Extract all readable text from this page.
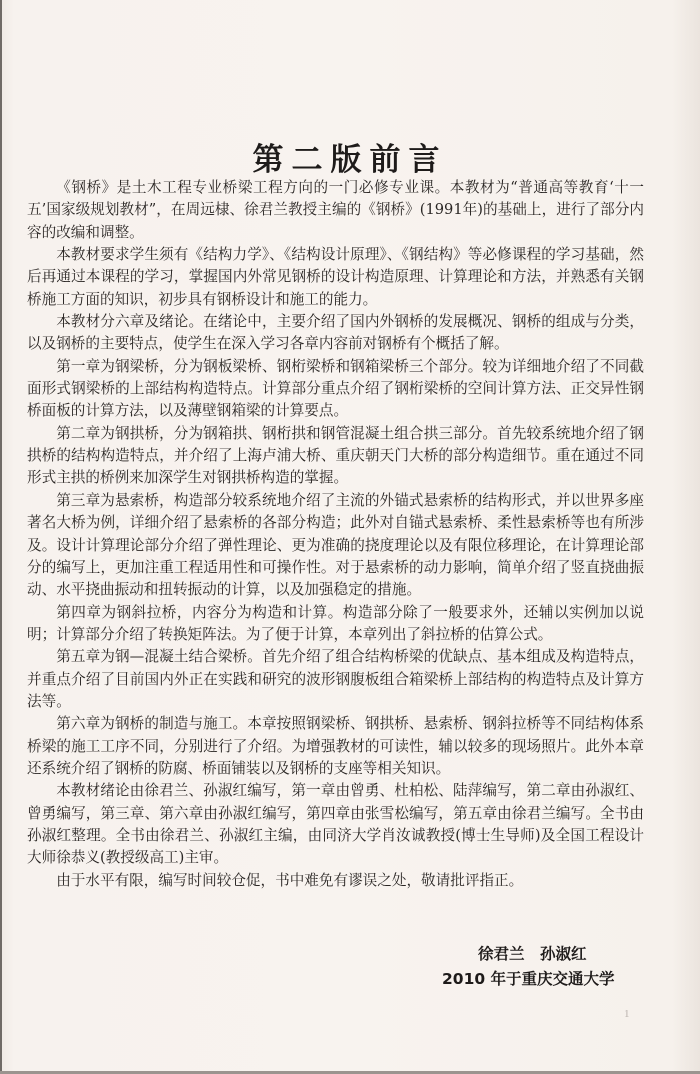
第二版前言

《钢桥》是土木工程专业桥梁工程方向的一门必修专业课。本教材为“普通高等教育‘十一五’国家级规划教材”，在周远棣、徐君兰教授主编的《钢桥》(1991年)的基础上，进行了部分内容的改编和调整。

本教材要求学生须有《结构力学》、《结构设计原理》、《钢结构》等必修课程的学习基础，然后再通过本课程的学习，掌握国内外常见钢桥的设计构造原理、计算理论和方法，并熟悉有关钢桥施工方面的知识，初步具有钢桥设计和施工的能力。

本教材分六章及绪论。在绪论中，主要介绍了国内外钢桥的发展概况、钢桥的组成与分类，以及钢桥的主要特点，使学生在深入学习各章内容前对钢桥有个概括了解。

第一章为钢梁桥，分为钢板梁桥、钢桁梁桥和钢箱梁桥三个部分。较为详细地介绍了不同截面形式钢梁桥的上部结构构造特点。计算部分重点介绍了钢桁梁桥的空间计算方法、正交异性钢桥面板的计算方法，以及薄壁钢箱梁的计算要点。

第二章为钢拱桥，分为钢箱拱、钢桁拱和钢管混凝土组合拱三部分。首先较系统地介绍了钢拱桥的结构构造特点，并介绍了上海卢浦大桥、重庆朝天门大桥的部分构造细节。重在通过不同形式主拱的桥例来加深学生对钢拱桥构造的掌握。

第三章为悬索桥，构造部分较系统地介绍了主流的外锚式悬索桥的结构形式，并以世界多座著名大桥为例，详细介绍了悬索桥的各部分构造；此外对自锚式悬索桥、柔性悬索桥等也有所涉及。设计计算理论部分介绍了弹性理论、更为准确的挠度理论以及有限位移理论，在计算理论部分的编写上，更加注重工程适用性和可操作性。对于悬索桥的动力影响，简单介绍了竖直挠曲振动、水平挠曲振动和扭转振动的计算，以及加强稳定的措施。

第四章为钢斜拉桥，内容分为构造和计算。构造部分除了一般要求外，还辅以实例加以说明；计算部分介绍了转换矩阵法。为了便于计算，本章列出了斜拉桥的估算公式。

第五章为钢—混凝土结合梁桥。首先介绍了组合结构桥梁的优缺点、基本组成及构造特点，并重点介绍了目前国内外正在实践和研究的波形钢腹板组合箱梁桥上部结构的构造特点及计算方法等。

第六章为钢桥的制造与施工。本章按照钢梁桥、钢拱桥、悬索桥、钢斜拉桥等不同结构体系桥梁的施工工序不同，分别进行了介绍。为增强教材的可读性，辅以较多的现场照片。此外本章还系统介绍了钢桥的防腐、桥面铺装以及钢桥的支座等相关知识。

本教材绪论由徐君兰、孙淑红编写，第一章由曾勇、杜柏松、陆萍编写，第二章由孙淑红、曾勇编写，第三章、第六章由孙淑红编写，第四章由张雪松编写，第五章由徐君兰编写。全书由孙淑红整理。全书由徐君兰、孙淑红主编，由同济大学肖汝诚教授(博士生导师)及全国工程设计大师徐恭义(教授级高工)主审。

由于水平有限，编写时间较仓促，书中难免有谬误之处，敬请批评指正。

徐君兰　孙淑红
2010 年于重庆交通大学
1
